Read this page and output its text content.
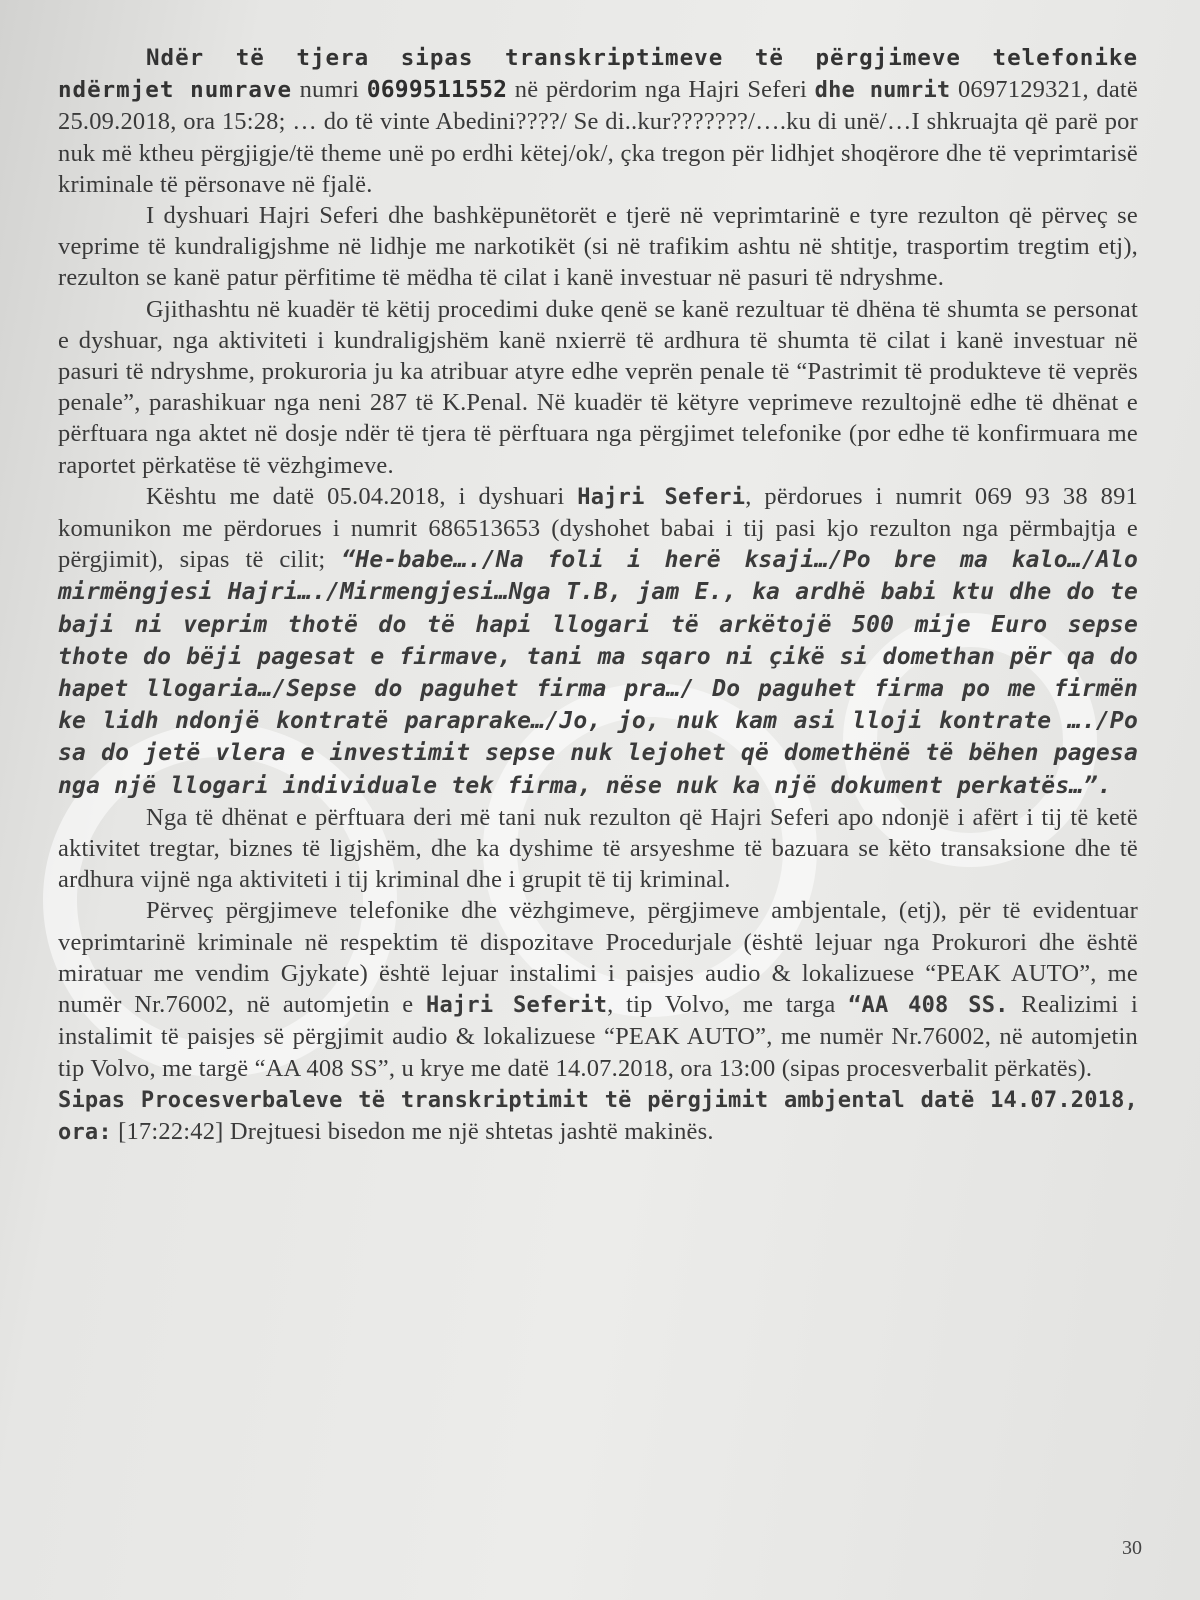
Ndër të tjera sipas transkriptimeve të përgjimeve telefonike ndërmjet numrave numri 0699511552 në përdorim nga Hajri Seferi dhe numrit 0697129321, datë 25.09.2018, ora 15:28; … do të vinte Abedini????/ Se di..kur???????/….ku di unë/…I shkruajta që parë por nuk më ktheu përgjigje/të theme unë po erdhi këtej/ok/, çka tregon për lidhjet shoqërore dhe të veprimtarisë kriminale të përsonave në fjalë.

I dyshuari Hajri Seferi dhe bashkëpunëtorët e tjerë në veprimtarinë e tyre rezulton që përveç se veprime të kundraligjshme në lidhje me narkotikët (si në trafikim ashtu në shtitje, trasportim tregtim etj), rezulton se kanë patur përfitime të mëdha të cilat i kanë investuar në pasuri të ndryshme.

Gjithashtu në kuadër të këtij procedimi duke qenë se kanë rezultuar të dhëna të shumta se personat e dyshuar, nga aktiviteti i kundraligjshëm kanë nxierrë të ardhura të shumta të cilat i kanë investuar në pasuri të ndryshme, prokuroria ju ka atribuar atyre edhe veprën penale të “Pastrimit të produkteve të veprës penale”, parashikuar nga neni 287 të K.Penal. Në kuadër të këtyre veprimeve rezultojnë edhe të dhënat e përftuara nga aktet në dosje ndër të tjera të përftuara nga përgjimet telefonike (por edhe të konfirmuara me raportet përkatëse të vëzhgimeve.

Kështu me datë 05.04.2018, i dyshuari Hajri Seferi, përdorues i numrit 069 93 38 891 komunikon me përdorues i numrit 686513653 (dyshohet babai i tij pasi kjo rezulton nga përmbajtja e përgjimit), sipas të cilit; “He-babe…./Na foli i herë ksaji…/Po bre ma kalo…/Alo mirmëngjesi Hajri…./Mirmengjesi…Nga T.B, jam E., ka ardhë babi ktu dhe do te baji ni veprim thotë do të hapi llogari të arkëtojë 500 mije Euro sepse thote do bëji pagesat e firmave, tani ma sqaro ni çikë si domethan për qa do hapet llogaria…/Sepse do paguhet firma pra…/ Do paguhet firma po me firmën ke lidh ndonjë kontratë paraprake…/Jo, jo, nuk kam asi lloji kontrate …./Po sa do jetë vlera e investimit sepse nuk lejohet që domethënë të bëhen pagesa nga një llogari individuale tek firma, nëse nuk ka një dokument perkatës…”.

Nga të dhënat e përftuara deri më tani nuk rezulton që Hajri Seferi apo ndonjë i afërt i tij të ketë aktivitet tregtar, biznes të ligjshëm, dhe ka dyshime të arsyeshme të bazuara se këto transaksione dhe të ardhura vijnë nga aktiviteti i tij kriminal dhe i grupit të tij kriminal.

Përveç përgjimeve telefonike dhe vëzhgimeve, përgjimeve ambjentale, (etj), për të evidentuar veprimtarinë kriminale në respektim të dispozitave Procedurjale (është lejuar nga Prokurori dhe është miratuar me vendim Gjykate) është lejuar instalimi i paisjes audio & lokalizuese “PEAK AUTO”, me numër Nr.76002, në automjetin e Hajri Seferit, tip Volvo, me targa “AA 408 SS. Realizimi i instalimit të paisjes së përgjimit audio & lokalizuese “PEAK AUTO”, me numër Nr.76002, në automjetin tip Volvo, me targë “AA 408 SS”, u krye me datë 14.07.2018, ora 13:00 (sipas procesverbalit përkatës).

Sipas Procesverbaleve të transkriptimit të përgjimit ambjental datë 14.07.2018, ora: [17:22:42] Drejtuesi bisedon me një shtetas jashtë makinës.

30
